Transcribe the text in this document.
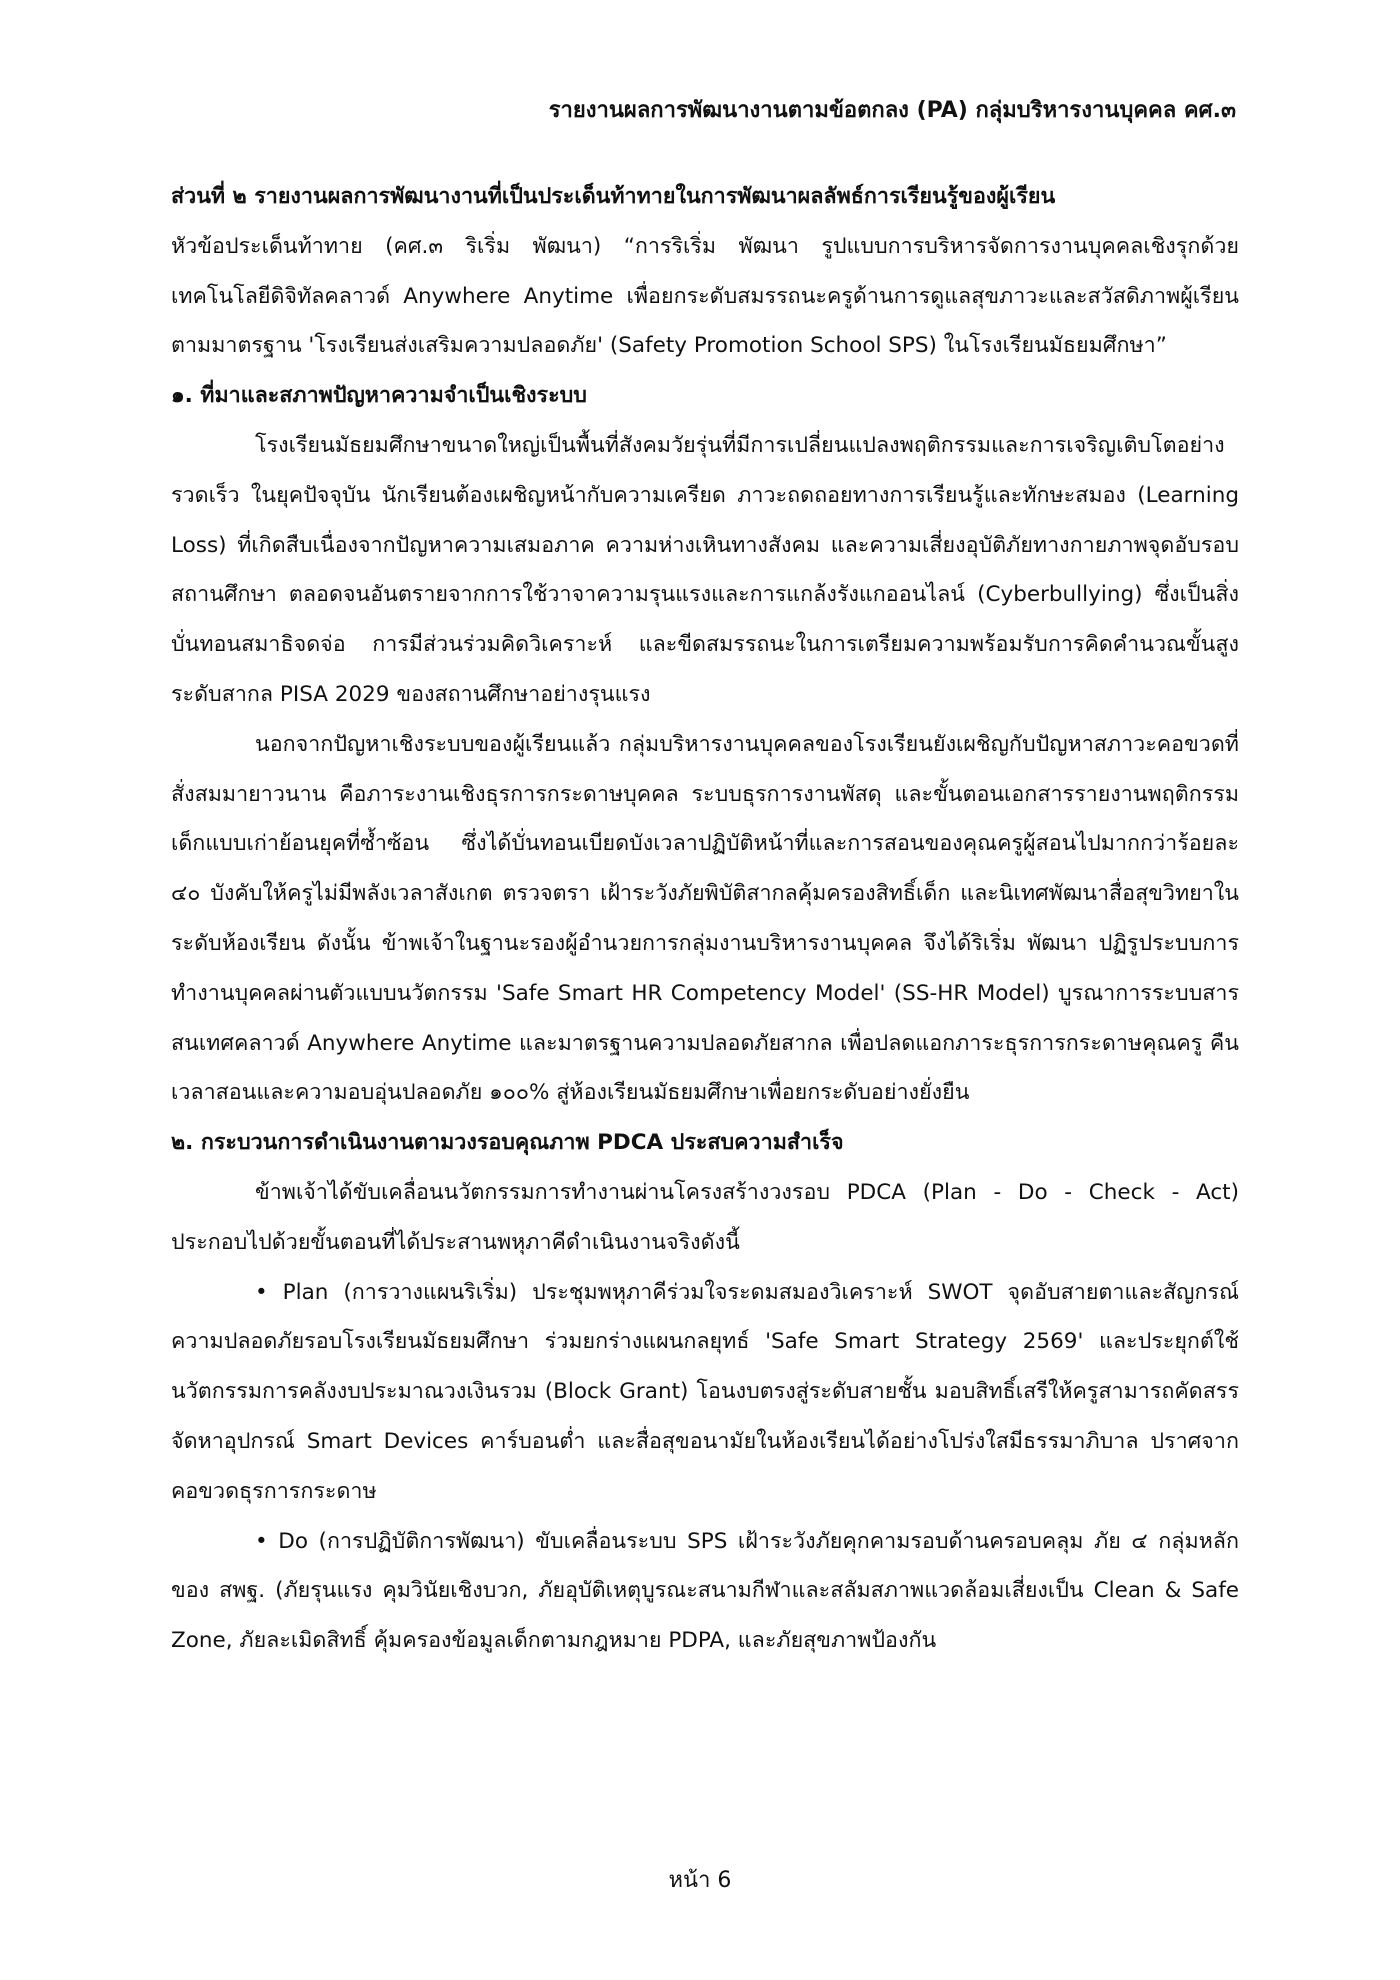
รายงานผลการพัฒนางานตามข้อตกลง (PA) กลุ่มบริหารงานบุคคล คศ.๓

ส่วนที่ ๒ รายงานผลการพัฒนางานที่เป็นประเด็นท้าทายในการพัฒนาผลลัพธ์การเรียนรู้ของผู้เรียน

หัวข้อประเด็นท้าทาย (คศ.๓ ริเริ่ม พัฒนา) “การริเริ่ม พัฒนา รูปแบบการบริหารจัดการงานบุคคลเชิงรุกด้วยเทคโนโลยีดิจิทัลคลาวด์ Anywhere Anytime เพื่อยกระดับสมรรถนะครูด้านการดูแลสุขภาวะและสวัสดิภาพผู้เรียนตามมาตรฐาน 'โรงเรียนส่งเสริมความปลอดภัย' (Safety Promotion School SPS) ในโรงเรียนมัธยมศึกษา”

๑. ที่มาและสภาพปัญหาความจำเป็นเชิงระบบ

โรงเรียนมัธยมศึกษาขนาดใหญ่เป็นพื้นที่สังคมวัยรุ่นที่มีการเปลี่ยนแปลงพฤติกรรมและการเจริญเติบโตอย่างรวดเร็ว ในยุคปัจจุบัน นักเรียนต้องเผชิญหน้ากับความเครียด ภาวะถดถอยทางการเรียนรู้และทักษะสมอง (Learning Loss) ที่เกิดสืบเนื่องจากปัญหาความเสมอภาค ความห่างเหินทางสังคม และความเสี่ยงอุบัติภัยทางกายภาพจุดอับรอบสถานศึกษา ตลอดจนอันตรายจากการใช้วาจาความรุนแรงและการแกล้งรังแกออนไลน์ (Cyberbullying) ซึ่งเป็นสิ่งบั่นทอนสมาธิจดจ่อ การมีส่วนร่วมคิดวิเคราะห์ และขีดสมรรถนะในการเตรียมความพร้อมรับการคิดคำนวณขั้นสูงระดับสากล PISA 2029 ของสถานศึกษาอย่างรุนแรง

นอกจากปัญหาเชิงระบบของผู้เรียนแล้ว กลุ่มบริหารงานบุคคลของโรงเรียนยังเผชิญกับปัญหาสภาวะคอขวดที่สั่งสมมายาวนาน คือภาระงานเชิงธุรการกระดาษบุคคล ระบบธุรการงานพัสดุ และขั้นตอนเอกสารรายงานพฤติกรรมเด็กแบบเก่าย้อนยุคที่ซ้ำซ้อน ซึ่งได้บั่นทอนเบียดบังเวลาปฏิบัติหน้าที่และการสอนของคุณครูผู้สอนไปมากกว่าร้อยละ ๔๐ บังคับให้ครูไม่มีพลังเวลาสังเกต ตรวจตรา เฝ้าระวังภัยพิบัติสากลคุ้มครองสิทธิ์เด็ก และนิเทศพัฒนาสื่อสุขวิทยาในระดับห้องเรียน ดังนั้น ข้าพเจ้าในฐานะรองผู้อำนวยการกลุ่มงานบริหารงานบุคคล จึงได้ริเริ่ม พัฒนา ปฏิรูประบบการทำงานบุคคลผ่านตัวแบบนวัตกรรม 'Safe Smart HR Competency Model' (SS-HR Model) บูรณาการระบบสารสนเทศคลาวด์ Anywhere Anytime และมาตรฐานความปลอดภัยสากล เพื่อปลดแอกภาระธุรการกระดาษคุณครู คืนเวลาสอนและความอบอุ่นปลอดภัย ๑๐๐% สู่ห้องเรียนมัธยมศึกษาเพื่อยกระดับอย่างยั่งยืน

๒. กระบวนการดำเนินงานตามวงรอบคุณภาพ PDCA ประสบความสำเร็จ

ข้าพเจ้าได้ขับเคลื่อนนวัตกรรมการทำงานผ่านโครงสร้างวงรอบ PDCA (Plan - Do - Check - Act) ประกอบไปด้วยขั้นตอนที่ได้ประสานพหุภาคีดำเนินงานจริงดังนี้

• Plan (การวางแผนริเริ่ม) ประชุมพหุภาคีร่วมใจระดมสมองวิเคราะห์ SWOT จุดอับสายตาและสัญกรณ์ความปลอดภัยรอบโรงเรียนมัธยมศึกษา ร่วมยกร่างแผนกลยุทธ์ 'Safe Smart Strategy 2569' และประยุกต์ใช้นวัตกรรมการคลังงบประมาณวงเงินรวม (Block Grant) โอนงบตรงสู่ระดับสายชั้น มอบสิทธิ์เสรีให้ครูสามารถคัดสรรจัดหาอุปกรณ์ Smart Devices คาร์บอนต่ำ และสื่อสุขอนามัยในห้องเรียนได้อย่างโปร่งใสมีธรรมาภิบาล ปราศจากคอขวดธุรการกระดาษ

• Do (การปฏิบัติการพัฒนา) ขับเคลื่อนระบบ SPS เฝ้าระวังภัยคุกคามรอบด้านครอบคลุม ภัย ๔ กลุ่มหลักของ สพฐ. (ภัยรุนแรง คุมวินัยเชิงบวก, ภัยอุบัติเหตุบูรณะสนามกีฬาและสลัมสภาพแวดล้อมเสี่ยงเป็น Clean & Safe Zone, ภัยละเมิดสิทธิ์ คุ้มครองข้อมูลเด็กตามกฎหมาย PDPA, และภัยสุขภาพป้องกัน

หน้า 6
